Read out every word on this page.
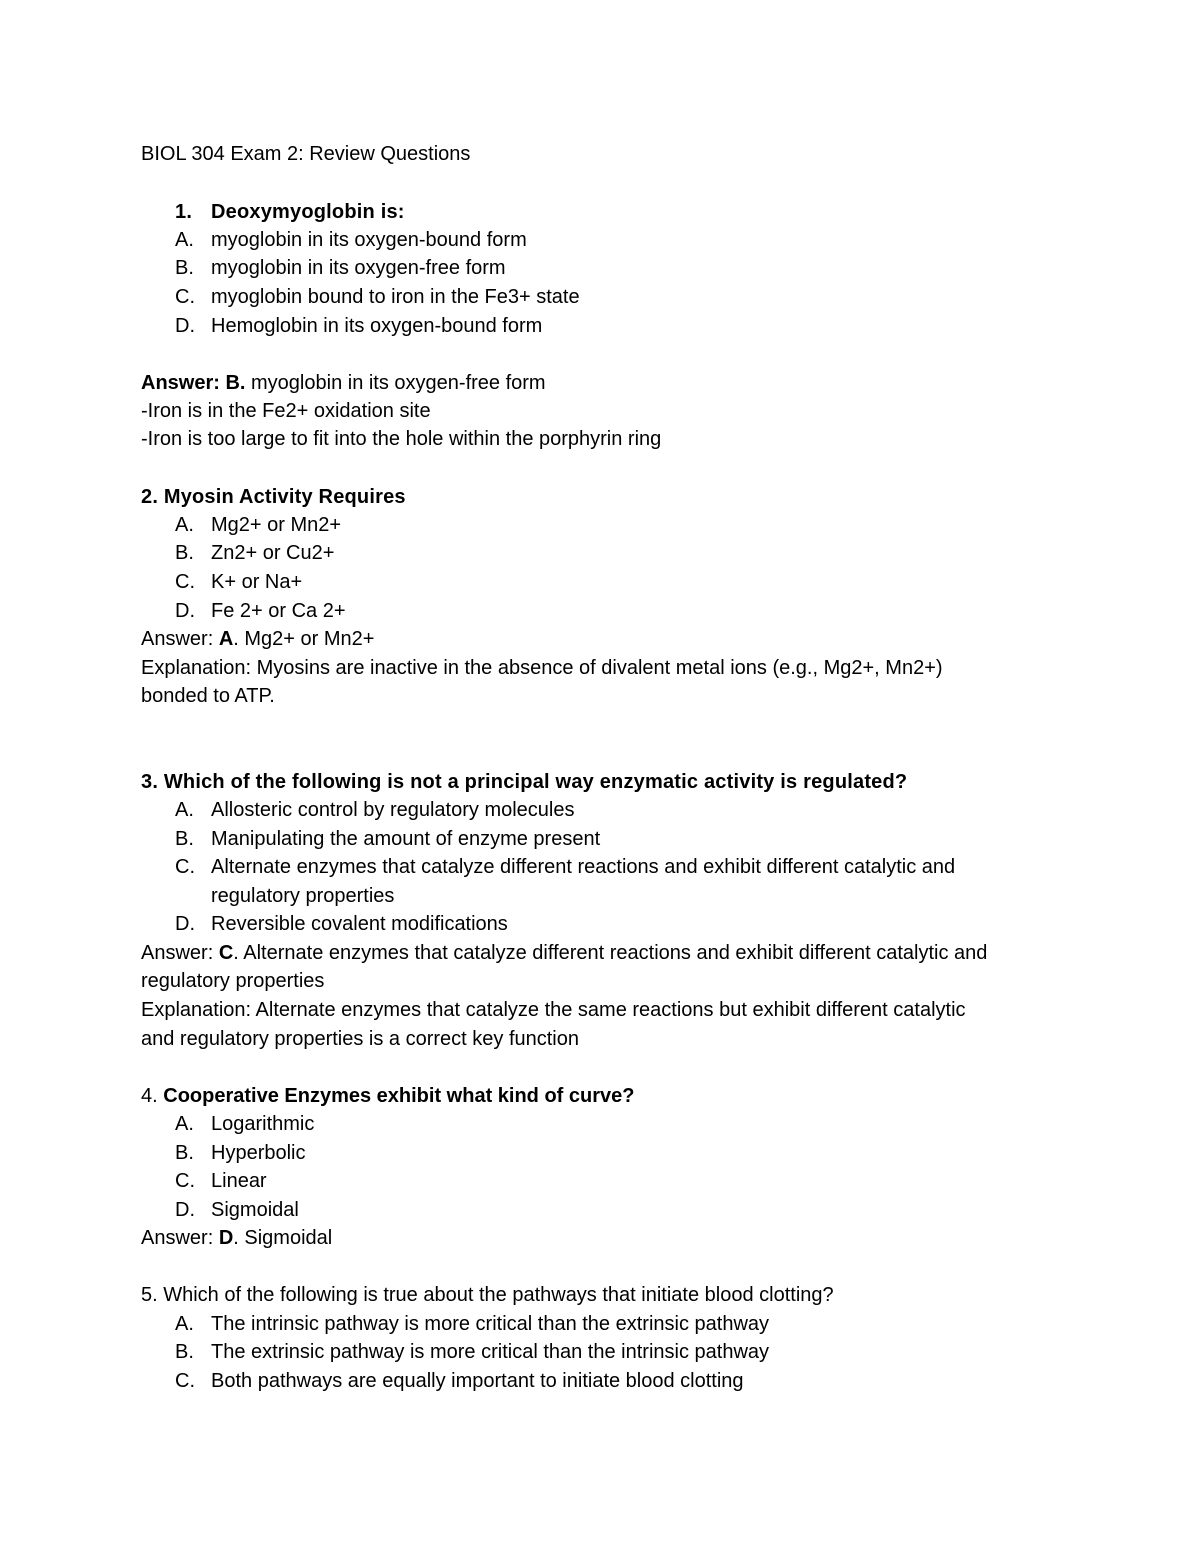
BIOL 304 Exam 2: Review Questions
1. Deoxymyoglobin is:
A. myoglobin in its oxygen-bound form
B. myoglobin in its oxygen-free form
C. myoglobin bound to iron in the Fe3+ state
D. Hemoglobin in its oxygen-bound form
Answer: B. myoglobin in its oxygen-free form
-Iron is in the Fe2+ oxidation site
-Iron is too large to fit into the hole within the porphyrin ring
2. Myosin Activity Requires
A. Mg2+ or Mn2+
B. Zn2+ or Cu2+
C. K+ or Na+
D. Fe 2+ or Ca 2+
Answer: A. Mg2+ or Mn2+
Explanation: Myosins are inactive in the absence of divalent metal ions (e.g., Mg2+, Mn2+)
bonded to ATP.
3. Which of the following is not a principal way enzymatic activity is regulated?
A. Allosteric control by regulatory molecules
B. Manipulating the amount of enzyme present
C. Alternate enzymes that catalyze different reactions and exhibit different catalytic and
regulatory properties
D. Reversible covalent modifications
Answer: C. Alternate enzymes that catalyze different reactions and exhibit different catalytic and
regulatory properties
Explanation: Alternate enzymes that catalyze the same reactions but exhibit different catalytic
and regulatory properties is a correct key function
4. Cooperative Enzymes exhibit what kind of curve?
A. Logarithmic
B. Hyperbolic
C. Linear
D. Sigmoidal
Answer: D. Sigmoidal
5. Which of the following is true about the pathways that initiate blood clotting?
A. The intrinsic pathway is more critical than the extrinsic pathway
B. The extrinsic pathway is more critical than the intrinsic pathway
C. Both pathways are equally important to initiate blood clotting
